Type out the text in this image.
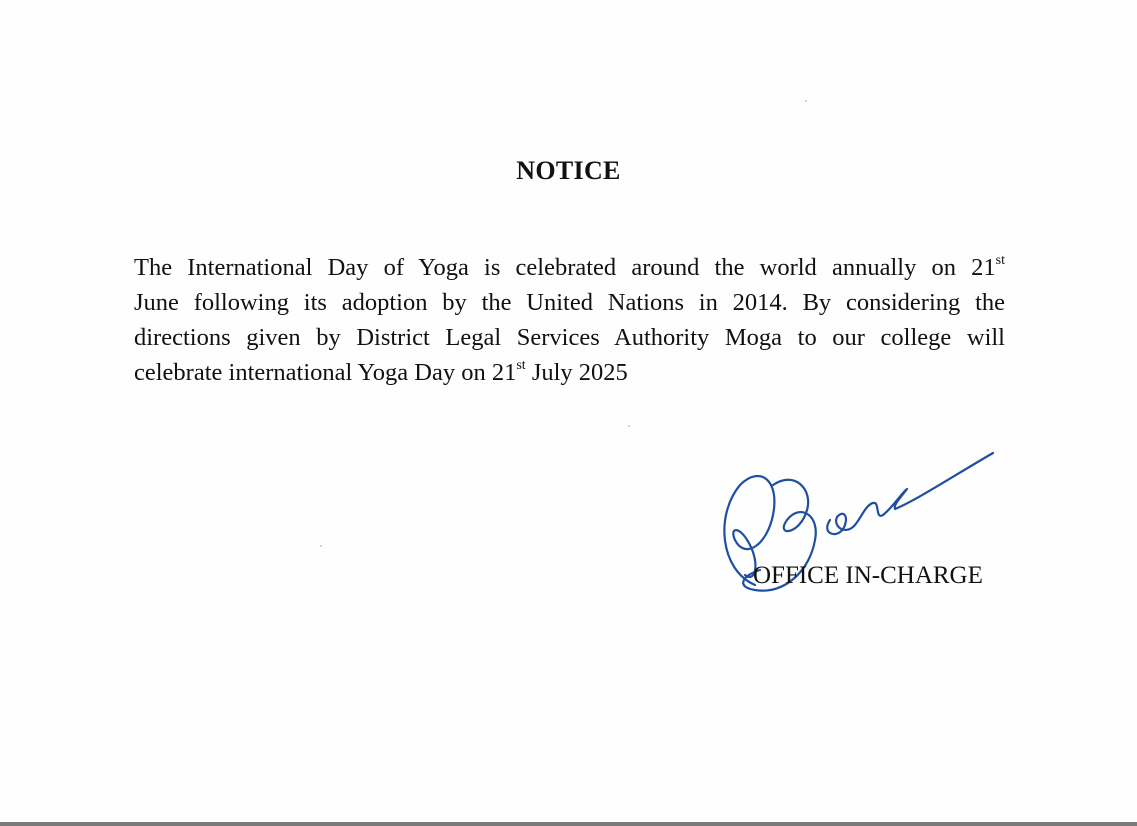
NOTICE
The International Day of Yoga is celebrated around the world annually on 21st
June following its adoption by the United Nations in 2014. By considering the
directions given by District Legal Services Authority Moga to our college will
celebrate international Yoga Day on 21st July 2025
OFFICE IN-CHARGE
